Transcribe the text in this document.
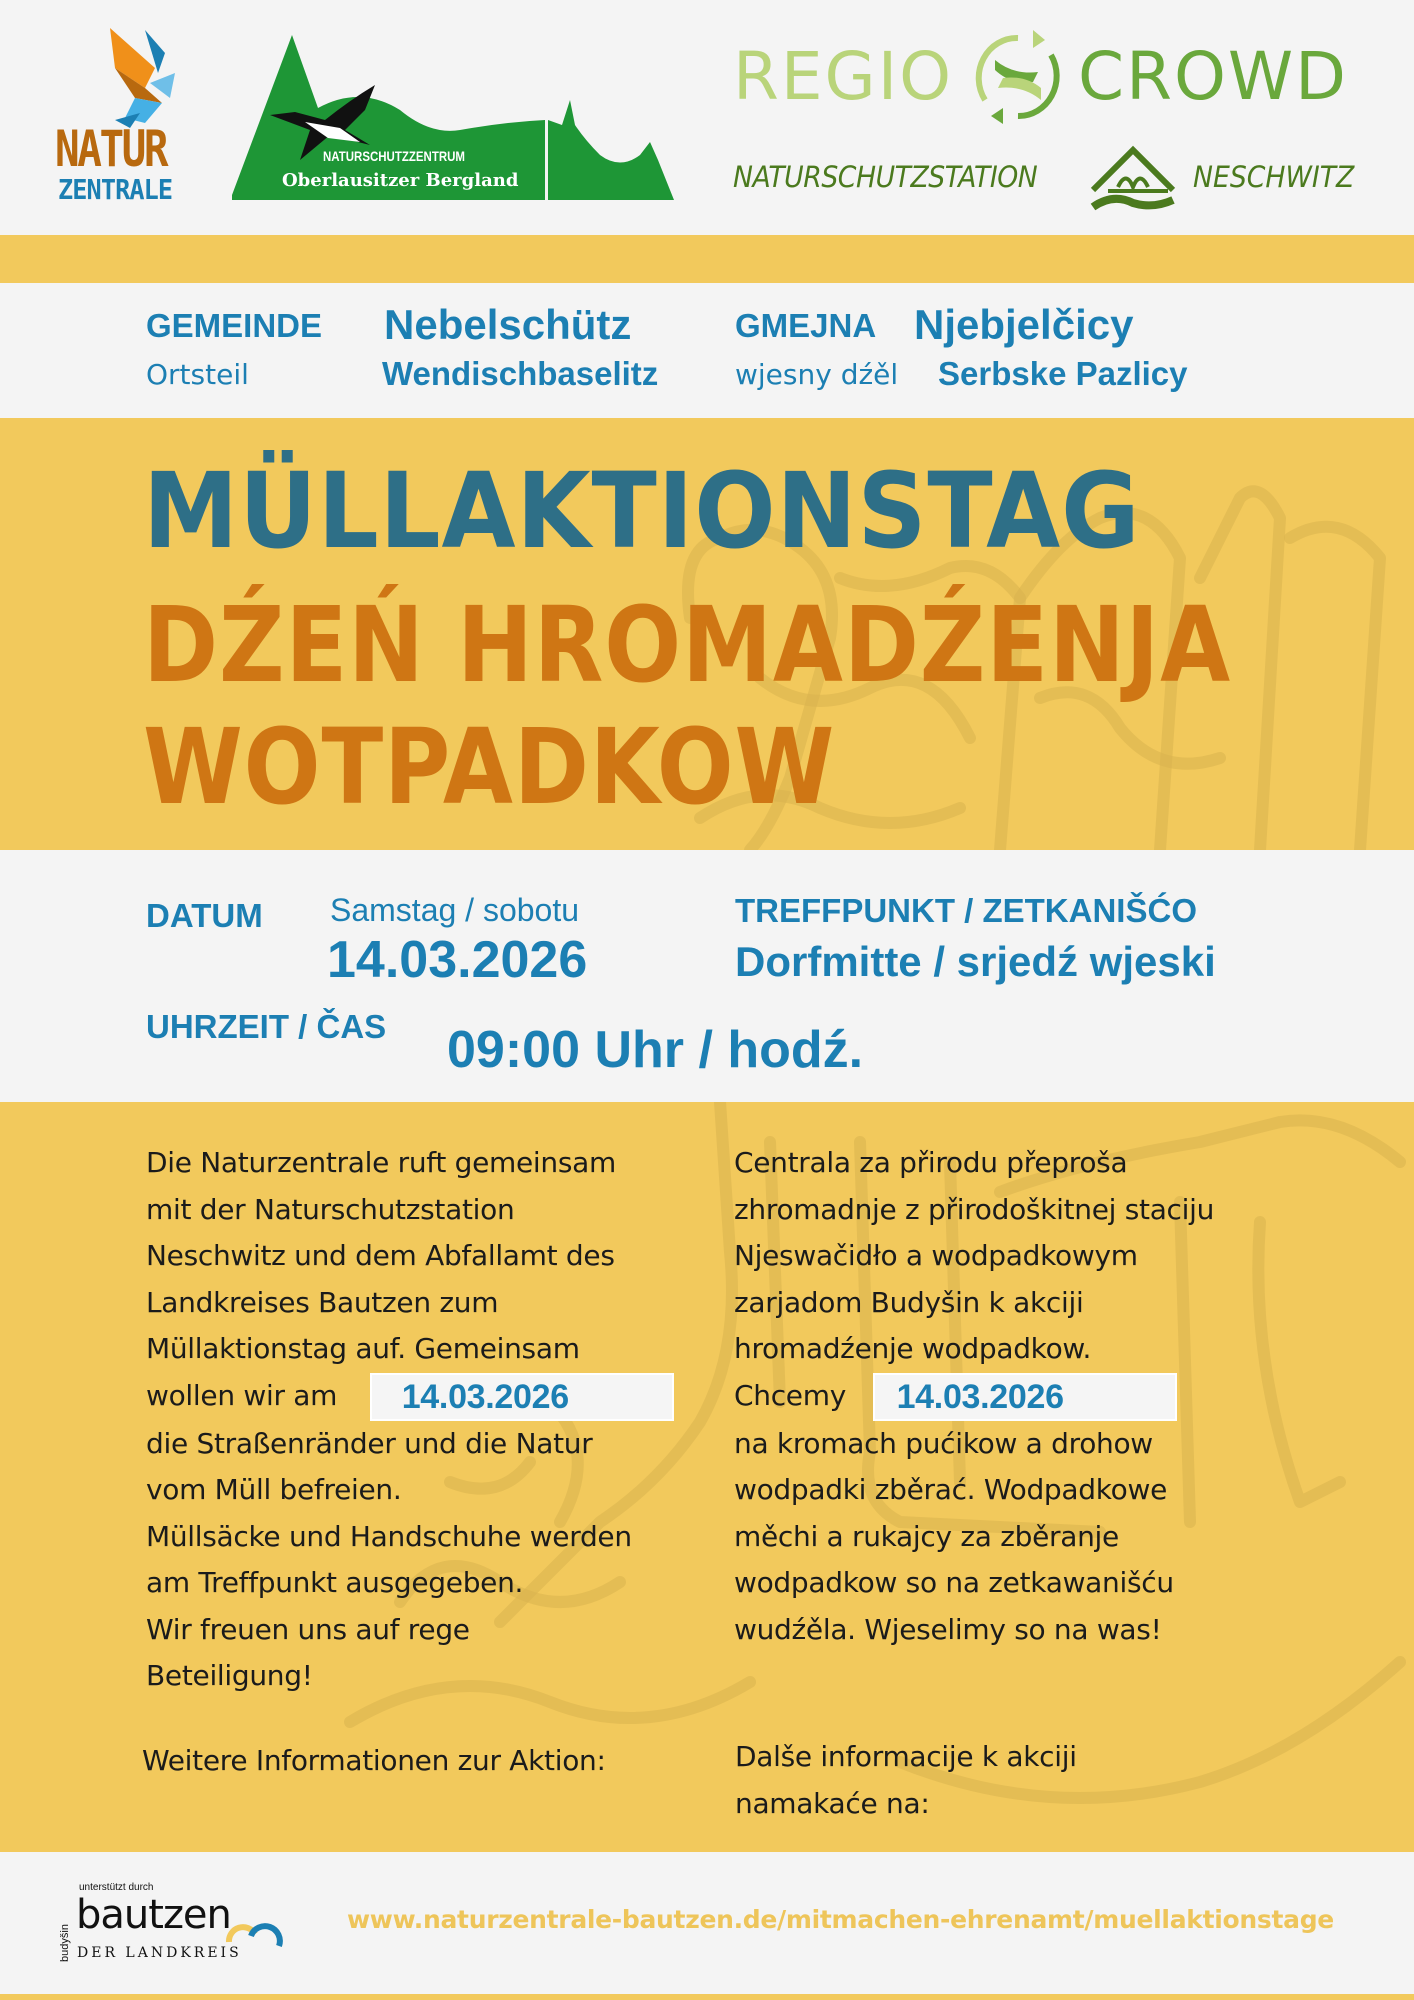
NATUR
ZENTRALE
NATURSCHUTZZENTRUM
Oberlausitzer Bergland
REGIO CROWD
NATURSCHUTZSTATION	NESCHWITZ
GEMEINDE Nebelschütz
Ortsteil	Wendischbaselitz
GMEJNA Njebjelčicy
wjesny dźěl Serbske Pazlicy
MÜLLAKTIONSTAG
DŹEŃ HROMADŹENJA
WOTPADKOW
DATUM Samstag / sobotu
14.03.2026
TREFFPUNKT / ZETKANIŠĆO
Dorfmitte / srjedź wjeski
UHRZEIT / ČAS 09:00 Uhr / hodź.
Die Naturzentrale ruft gemeinsam
mit der Naturschutzstation
Neschwitz und dem Abfallamt des
Landkreises Bautzen zum
Müllaktionstag auf. Gemeinsam
wollen wir am 14.03.2026
die Straßenränder und die Natur
vom Müll befreien.
Müllsäcke und Handschuhe werden
am Treffpunkt ausgegeben.
Wir freuen uns auf rege
Beteiligung!
Weitere Informationen zur Aktion:
Centrala za přirodu přeproša
zhromadnje z přirodoškitnej staciju
Njeswačidło a wodpadkowym
zarjadom Budyšin k akciji
hromadźenje wodpadkow.
Chcemy 14.03.2026
na kromach pućikow a drohow
wodpadki zběrać. Wodpadkowe
měchi a rukajcy za zběranje
wodpadkow so na zetkawanišću
wudźěla. Wjeselimy so na was!
Dalše informacije k akciji
namakaće na:
unterstützt durch
budyšin
bautzen
DER LANDKREIS
www.naturzentrale-bautzen.de/mitmachen-ehrenamt/muellaktionstage
